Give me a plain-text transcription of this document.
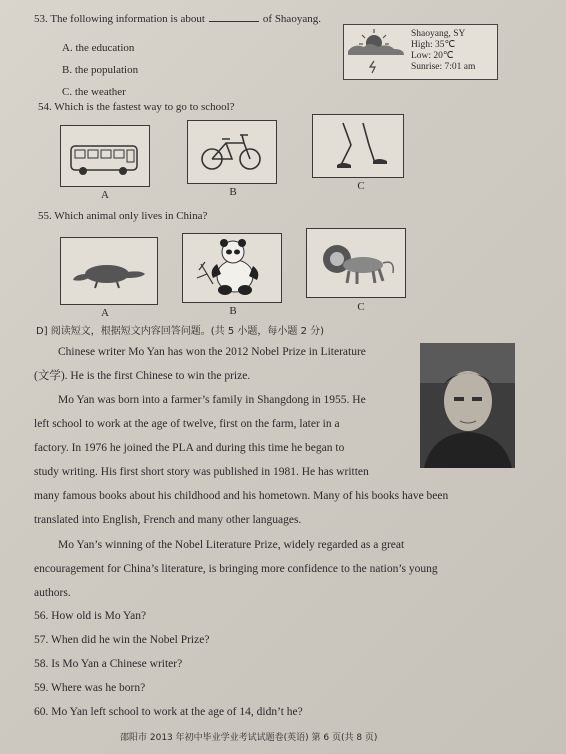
53. The following information is about	of Shaoyang.
A. the education
B. the population
C. the weather
Shaoyang, SY
High: 35℃
Low: 20℃
Sunrise: 7:01 am
54. Which is the fastest way to go to school?
A	B	C
55. Which animal only lives in China?
A	B	C
D] 阅读短文，根据短文内容回答问题。(共 5 小题，每小题 2 分)
Chinese writer Mo Yan has won the 2012 Nobel Prize in Literature
(文学). He is the first Chinese to win the prize.
Mo Yan was born into a farmer’s family in Shangdong in 1955. He
left school to work at the age of twelve, first on the farm, later in a
factory. In 1976 he joined the PLA and during this time he began to
study writing. His first short story was published in 1981. He has written
many famous books about his childhood and his hometown. Many of his books have been
translated into English, French and many other languages.
Mo Yan’s winning of the Nobel Literature Prize, widely regarded as a great
encouragement for China’s literature, is bringing more confidence to the nation’s young
authors.
56. How old is Mo Yan?
57. When did he win the Nobel Prize?
58. Is Mo Yan a Chinese writer?
59. Where was he born?
60. Mo Yan left school to work at the age of 14, didn’t he?
邵阳市 2013 年初中毕业学业考试试题卷(英语) 第 6 页(共 8 页)
